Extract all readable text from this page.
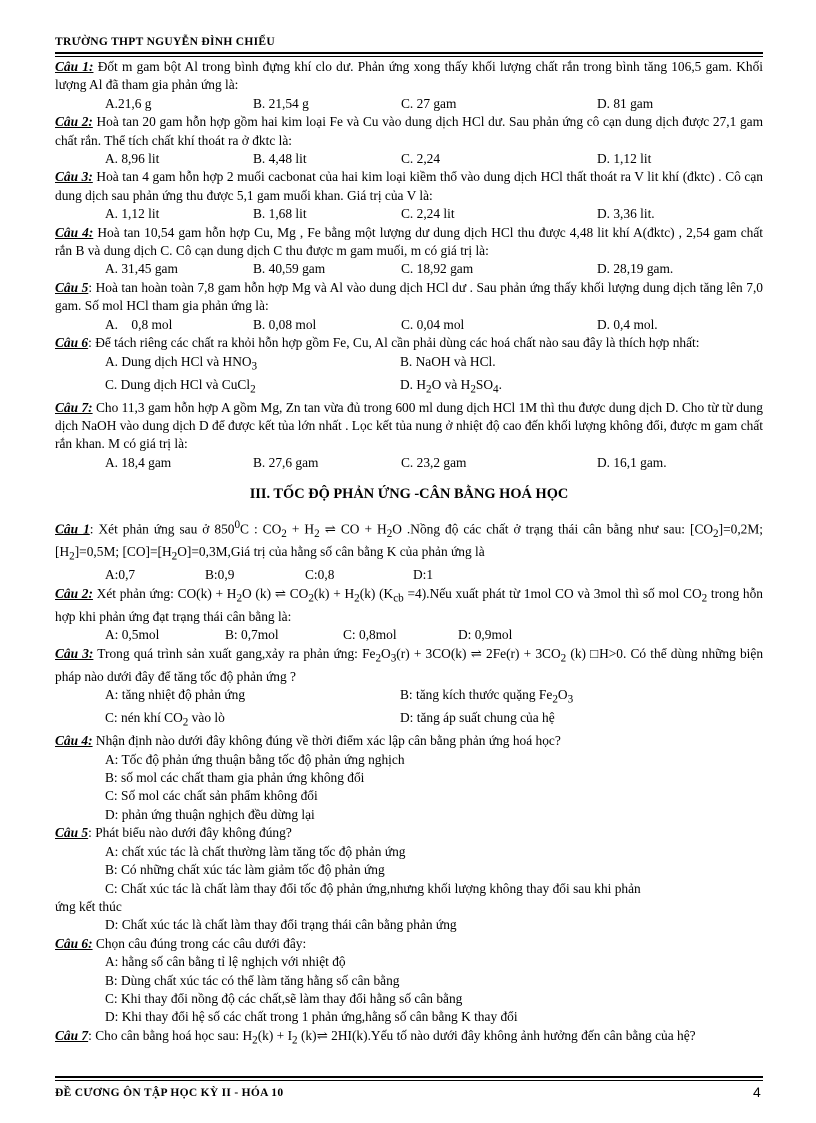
TRƯỜNG THPT NGUYỄN ĐÌNH CHIỂU

Câu 1: Đốt m gam bột Al trong bình đựng khí clo dư. Phản ứng xong thấy khối lượng chất rắn trong bình tăng 106,5 gam. Khối lượng Al đã tham gia phản ứng là:

A.21,6 g	B. 21,54 g	C. 27 gam	D. 81 gam

Câu 2: Hoà tan 20 gam hỗn hợp gồm hai kim loại Fe và Cu vào dung dịch HCl dư. Sau phản ứng cô cạn dung dịch được 27,1 gam chất rắn. Thể tích chất khí thoát ra ở đktc là:

A. 8,96 lit	B. 4,48 lit	C. 2,24	D. 1,12 lit

Câu 3: Hoà tan 4 gam hỗn hợp 2 muối cacbonat của hai kim loại kiềm thổ vào dung dịch HCl thất thoát ra V lit khí (đktc) . Cô cạn dung dịch sau phản ứng thu được 5,1 gam muối khan. Giá trị của V là:

A. 1,12 lit	B. 1,68 lit	C. 2,24 lit	D. 3,36 lit.

Câu 4: Hoà tan 10,54 gam hỗn hợp Cu, Mg , Fe bằng một lượng dư dung dịch HCl thu được 4,48 lit khí A(đktc) , 2,54 gam chất rắn B và dung dịch C. Cô cạn dung dịch C thu được m gam muối, m có giá trị là:

A. 31,45 gam	B. 40,59 gam	C. 18,92 gam	D. 28,19 gam.

Câu 5: Hoà tan hoàn toàn 7,8 gam hỗn hợp Mg và Al vào dung dịch HCl dư . Sau phản ứng thấy khối lượng dung dịch tăng lên 7,0 gam. Số mol HCl tham gia phản ứng là:

A.    0,8 mol	B. 0,08 mol	C. 0,04 mol	D. 0,4 mol.

Câu 6: Để tách riêng các chất ra khỏi hỗn hợp gồm Fe, Cu, Al cần phải dùng các hoá chất nào sau đây là thích hợp nhất:

A. Dung dịch HCl và $HNO_3$	B. NaOH và HCl.
C. Dung dịch HCl và CuCl$_2$	D. $H_2O$ và $H_2SO_4$.

Câu 7: Cho 11,3 gam hỗn hợp A gồm Mg, Zn tan vừa đủ trong 600 ml dung dịch HCl 1M thì thu được dung dịch D. Cho từ từ dung dịch NaOH vào dung dịch D để được kết tủa lớn nhất . Lọc kết tủa nung ở nhiệt độ cao đến khối lượng không đổi, được m gam chất rắn khan. M có giá trị là:

A. 18,4 gam	B. 27,6 gam	C. 23,2 gam	D. 16,1 gam.
III. TỐC ĐỘ PHẢN ỨNG -CÂN BẰNG HOÁ HỌC

Câu 1: Xét phản ứng sau ở $850^0C$ : $CO_2 + H_2$ ⇌ CO + $H_2O$ .Nồng độ các chất ở trạng thái cân bằng như sau: $[CO_2]=0,2M;[H_2]=0,5M$; $[CO]=[H_2O]=0,3M,Giá$ trị của hằng số cân bằng K của phản ứng là

A:0,7	B:0,9	C:0,8	D:1

Câu 2: Xét phản ứng: $CO(k) + H_2O$ (k) ⇌ $CO_2(k) + H_2(k)$ ($K_{cb}$ =4).Nếu xuất phát từ 1mol CO và 3mol thì số mol $CO_2$ trong hỗn hợp khi phản ứng đạt trạng thái cân bằng là:

A: 0,5mol	B: 0,7mol	C: 0,8mol	D: 0,9mol

Câu 3: Trong quá trình sản xuất gang,xảy ra phản ứng: $Fe_2O_3(r) + 3CO(k)$ ⇌ $2Fe(r) + 3CO_2$ (k) □H>0. Có thể dùng những biện pháp nào dưới đây để tăng tốc độ phản ứng ?

A: tăng nhiệt độ phản ứng	B: tăng kích thước quặng $Fe_2O_3$
C: nén khí $CO_2$ vào lò	D: tăng áp suất chung của hệ

Câu 4: Nhận định nào dưới đây không đúng về thời điểm xác lập cân bằng phản ứng hoá học?

A: Tốc độ phản ứng thuận bằng tốc độ phản ứng nghịch
B: số mol các chất tham gia phản ứng không đổi
C: Số mol các chất sản phẩm không đổi
D: phản ứng thuận nghịch đều dừng lại

Câu 5: Phát biểu nào dưới đây không đúng?

A: chất xúc tác là chất thường làm tăng tốc độ phản ứng
B: Có những chất xúc tác làm giảm tốc độ phản ứng
C: Chất xúc tác là chất làm thay đổi tốc độ phản ứng,nhưng khối lượng không thay đổi sau khi phản
ứng kết thúc
D: Chất xúc tác là chất làm thay đổi trạng thái cân bằng phản ứng

Câu 6: Chọn câu đúng trong các câu dưới đây:

A: hằng số cân bằng tỉ lệ nghịch với nhiệt độ
B: Dùng chất xúc tác có thể làm tăng hằng số cân bằng
C: Khi thay đổi nồng độ các chất,sẽ làm thay đổi hằng số cân bằng
D: Khi thay đổi hệ số các chất trong 1 phản ứng,hằng số cân bằng K thay đổi

Câu 7: Cho cân bằng hoá học sau: $H_2(k) + I_2$ (k)⇌ 2HI(k).Yếu tố nào dưới đây không ảnh hưởng đến cân bằng của hệ?

ĐỀ CƯƠNG ÔN TẬP HỌC KỲ II - HÓA 10	4
